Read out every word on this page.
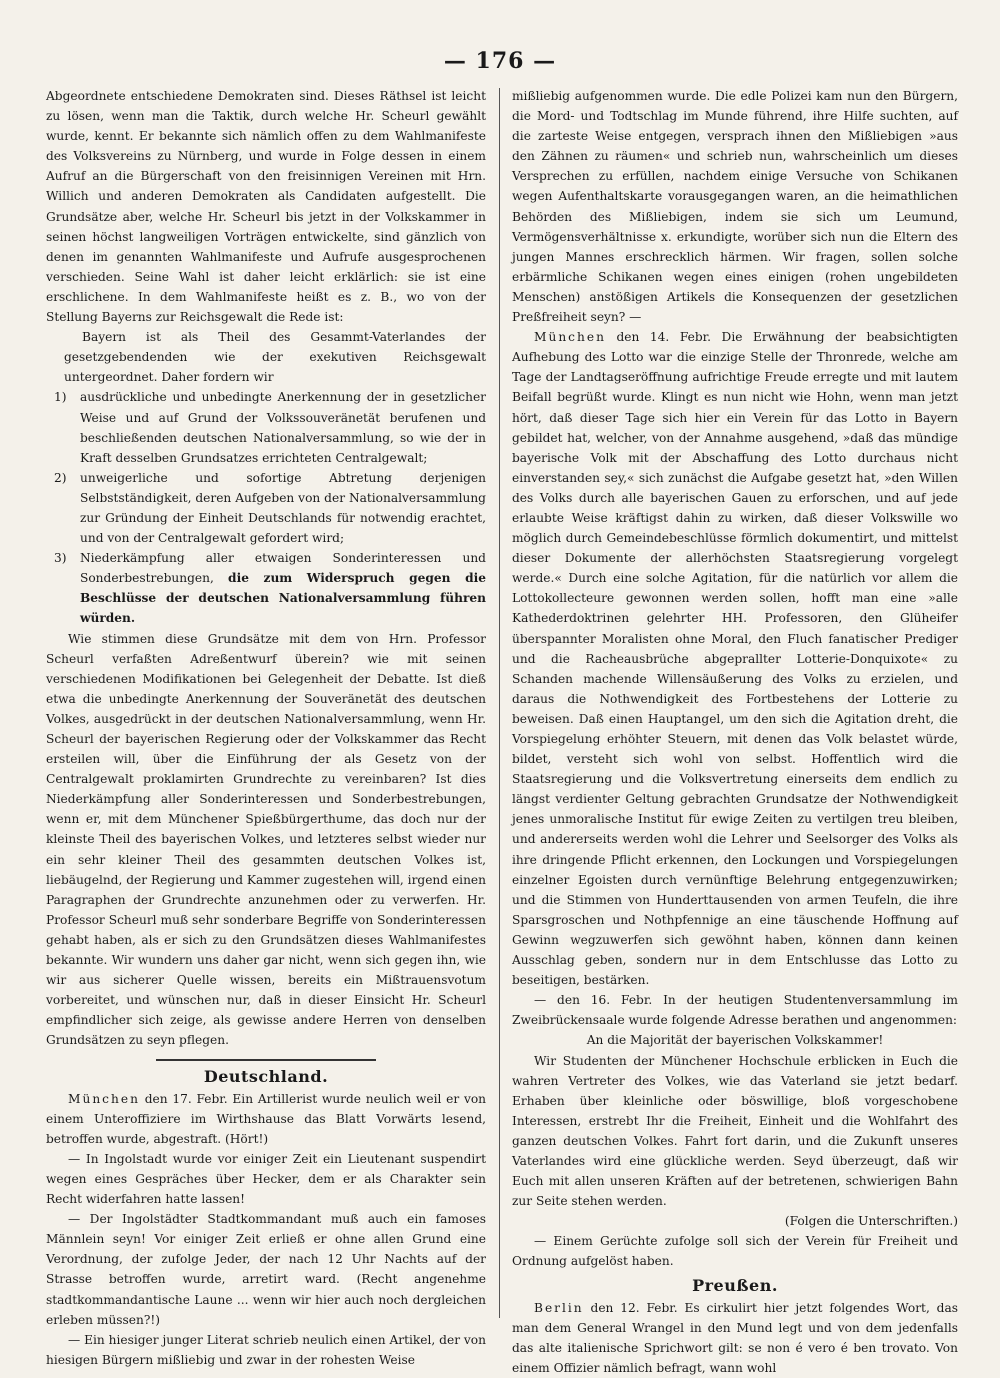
— 176 —

Abgeordnete entschiedene Demokraten sind. Dieses Räthsel ist leicht zu lösen, wenn man die Taktik, durch welche Hr. Scheurl gewählt wurde, kennt. Er bekannte sich nämlich offen zu dem Wahlmanifeste des Volksvereins zu Nürnberg, und wurde in Folge dessen in einem Aufruf an die Bürgerschaft von den freisinnigen Vereinen mit Hrn. Willich und anderen Demokraten als Candidaten aufgestellt. Die Grundsätze aber, welche Hr. Scheurl bis jetzt in der Volkskammer in seinen höchst langweiligen Vorträgen entwickelte, sind gänzlich von denen im genannten Wahlmanifeste und Aufrufe ausgesprochenen verschieden. Seine Wahl ist daher leicht erklärlich: sie ist eine erschlichene. In dem Wahlmanifeste heißt es z. B., wo von der Stellung Bayerns zur Reichsgewalt die Rede ist:

Bayern ist als Theil des Gesammt-Vaterlandes der gesetzgebendenden wie der exekutiven Reichsgewalt untergeordnet. Daher fordern wir

1)	ausdrückliche und unbedingte Anerkennung der in gesetzlicher Weise und auf Grund der Volkssouveränetät berufenen und beschließenden deutschen Nationalversammlung, so wie der in Kraft desselben Grundsatzes errichteten Centralgewalt;
2)	unweigerliche und sofortige Abtretung derjenigen Selbstständigkeit, deren Aufgeben von der Nationalversammlung zur Gründung der Einheit Deutschlands für notwendig erachtet, und von der Centralgewalt gefordert wird;
3)	Niederkämpfung aller etwaigen Sonderinteressen und Sonderbestrebungen, die zum Widerspruch gegen die Beschlüsse der deutschen Nationalversammlung führen würden.

Wie stimmen diese Grundsätze mit dem von Hrn. Professor Scheurl verfaßten Adreßentwurf überein? wie mit seinen verschiedenen Modifikationen bei Gelegenheit der Debatte. Ist dieß etwa die unbedingte Anerkennung der Souveränetät des deutschen Volkes, ausgedrückt in der deutschen Nationalversammlung, wenn Hr. Scheurl der bayerischen Regierung oder der Volkskammer das Recht ersteilen will, über die Einführung der als Gesetz von der Centralgewalt proklamirten Grundrechte zu vereinbaren? Ist dies Niederkämpfung aller Sonderinteressen und Sonderbestrebungen, wenn er, mit dem Münchener Spießbürgerthume, das doch nur der kleinste Theil des bayerischen Volkes, und letzteres selbst wieder nur ein sehr kleiner Theil des gesammten deutschen Volkes ist, liebäugelnd, der Regierung und Kammer zugestehen will, irgend einen Paragraphen der Grundrechte anzunehmen oder zu verwerfen. Hr. Professor Scheurl muß sehr sonderbare Begriffe von Sonderinteressen gehabt haben, als er sich zu den Grundsätzen dieses Wahlmanifestes bekannte. Wir wundern uns daher gar nicht, wenn sich gegen ihn, wie wir aus sicherer Quelle wissen, bereits ein Mißtrauensvotum vorbereitet, und wünschen nur, daß in dieser Einsicht Hr. Scheurl empfindlicher sich zeige, als gewisse andere Herren von denselben Grundsätzen zu seyn pflegen.

Deutschland.

München den 17. Febr. Ein Artillerist wurde neulich weil er von einem Unteroffiziere im Wirthshause das Blatt Vorwärts lesend, betroffen wurde, abgestraft. (Hört!)

— In Ingolstadt wurde vor einiger Zeit ein Lieutenant suspendirt wegen eines Gespräches über Hecker, dem er als Charakter sein Recht widerfahren hatte lassen!

— Der Ingolstädter Stadtkommandant muß auch ein famoses Männlein seyn! Vor einiger Zeit erließ er ohne allen Grund eine Verordnung, der zufolge Jeder, der nach 12 Uhr Nachts auf der Strasse betroffen wurde, arretirt ward. (Recht angenehme stadtkommandantische Laune ... wenn wir hier auch noch dergleichen erleben müssen?!)

— Ein hiesiger junger Literat schrieb neulich einen Artikel, der von hiesigen Bürgern mißliebig und zwar in der rohesten Weise

mißliebig aufgenommen wurde. Die edle Polizei kam nun den Bürgern, die Mord- und Todtschlag im Munde führend, ihre Hilfe suchten, auf die zarteste Weise entgegen, versprach ihnen den Mißliebigen »aus den Zähnen zu räumen« und schrieb nun, wahrscheinlich um dieses Versprechen zu erfüllen, nachdem einige Versuche von Schikanen wegen Aufenthaltskarte vorausgegangen waren, an die heimathlichen Behörden des Mißliebigen, indem sie sich um Leumund, Vermögensverhältnisse x. erkundigte, worüber sich nun die Eltern des jungen Mannes erschrecklich härmen. Wir fragen, sollen solche erbärmliche Schikanen wegen eines einigen (rohen ungebildeten Menschen) anstößigen Artikels die Konsequenzen der gesetzlichen Preßfreiheit seyn? —

München den 14. Febr. Die Erwähnung der beabsichtigten Aufhebung des Lotto war die einzige Stelle der Thronrede, welche am Tage der Landtagseröffnung aufrichtige Freude erregte und mit lautem Beifall begrüßt wurde. Klingt es nun nicht wie Hohn, wenn man jetzt hört, daß dieser Tage sich hier ein Verein für das Lotto in Bayern gebildet hat, welcher, von der Annahme ausgehend, »daß das mündige bayerische Volk mit der Abschaffung des Lotto durchaus nicht einverstanden sey,« sich zunächst die Aufgabe gesetzt hat, »den Willen des Volks durch alle bayerischen Gauen zu erforschen, und auf jede erlaubte Weise kräftigst dahin zu wirken, daß dieser Volkswille wo möglich durch Gemeindebeschlüsse förmlich dokumentirt, und mittelst dieser Dokumente der allerhöchsten Staatsregierung vorgelegt werde.« Durch eine solche Agitation, für die natürlich vor allem die Lottokollecteure gewonnen werden sollen, hofft man eine »alle Kathederdoktrinen gelehrter HH. Professoren, den Glüheifer überspannter Moralisten ohne Moral, den Fluch fanatischer Prediger und die Racheausbrüche abgeprallter Lotterie-Donquixote« zu Schanden machende Willensäußerung des Volks zu erzielen, und daraus die Nothwendigkeit des Fortbestehens der Lotterie zu beweisen. Daß einen Hauptangel, um den sich die Agitation dreht, die Vorspiegelung erhöhter Steuern, mit denen das Volk belastet würde, bildet, versteht sich wohl von selbst. Hoffentlich wird die Staatsregierung und die Volksvertretung einerseits dem endlich zu längst verdienter Geltung gebrachten Grundsatze der Nothwendigkeit jenes unmoralische Institut für ewige Zeiten zu vertilgen treu bleiben, und andererseits werden wohl die Lehrer und Seelsorger des Volks als ihre dringende Pflicht erkennen, den Lockungen und Vorspiegelungen einzelner Egoisten durch vernünftige Belehrung entgegenzuwirken; und die Stimmen von Hunderttausenden von armen Teufeln, die ihre Sparsgroschen und Nothpfennige an eine täuschende Hoffnung auf Gewinn wegzuwerfen sich gewöhnt haben, können dann keinen Ausschlag geben, sondern nur in dem Entschlusse das Lotto zu beseitigen, bestärken.

— den 16. Febr. In der heutigen Studentenversammlung im Zweibrückensaale wurde folgende Adresse berathen und angenommen:

An die Majorität der bayerischen Volkskammer!

Wir Studenten der Münchener Hochschule erblicken in Euch die wahren Vertreter des Volkes, wie das Vaterland sie jetzt bedarf. Erhaben über kleinliche oder böswillige, bloß vorgeschobene Interessen, erstrebt Ihr die Freiheit, Einheit und die Wohlfahrt des ganzen deutschen Volkes. Fahrt fort darin, und die Zukunft unseres Vaterlandes wird eine glückliche werden. Seyd überzeugt, daß wir Euch mit allen unseren Kräften auf der betretenen, schwierigen Bahn zur Seite stehen werden.

(Folgen die Unterschriften.)

— Einem Gerüchte zufolge soll sich der Verein für Freiheit und Ordnung aufgelöst haben.

Preußen.

Berlin den 12. Febr. Es cirkulirt hier jetzt folgendes Wort, das man dem General Wrangel in den Mund legt und von dem jedenfalls das alte italienische Sprichwort gilt: se non é vero é ben trovato. Von einem Offizier nämlich befragt, wann wohl
